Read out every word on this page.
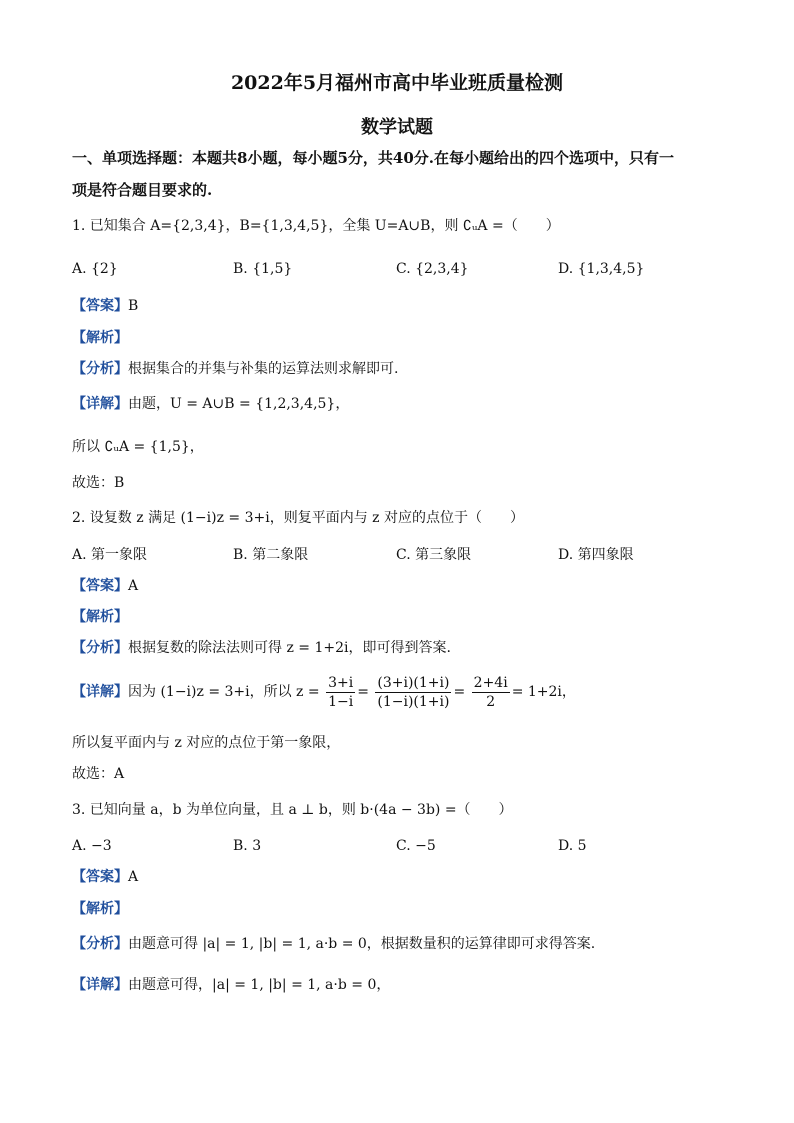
2022年5月福州市高中毕业班质量检测
数学试题
一、单项选择题：本题共8小题，每小题5分，共40分.在每小题给出的四个选项中，只有一
项是符合题目要求的.
1. 已知集合 A={2,3,4}，B={1,3,4,5}，全集 U=A∪B，则 ∁ᵤA =（　　）
A. {2}	B. {1,5}	C. {2,3,4}	D. {1,3,4,5}
【答案】B
【解析】
【分析】根据集合的并集与补集的运算法则求解即可.
【详解】由题，U = A∪B = {1,2,3,4,5}，
所以 ∁ᵤA = {1,5}，
故选：B
2. 设复数 z 满足 (1−i)z = 3+i，则复平面内与 z 对应的点位于（　　）
A. 第一象限	B. 第二象限	C. 第三象限	D. 第四象限
【答案】A
【解析】
【分析】根据复数的除法法则可得 z = 1+2i，即可得到答案.
【详解】因为 (1−i)z = 3+i，所以 $z = \frac{3+i}{1-i} = \frac{(3+i)(1+i)}{(1-i)(1+i)} = \frac{2+4i}{2} = 1+2i$，
所以复平面内与 z 对应的点位于第一象限，
故选：A
3. 已知向量 a，b 为单位向量，且 a ⊥ b，则 b·(4a − 3b) =（　　）
A. −3	B. 3	C. −5	D. 5
【答案】A
【解析】
【分析】由题意可得 |a| = 1, |b| = 1, a·b = 0，根据数量积的运算律即可求得答案.
【详解】由题意可得，|a| = 1, |b| = 1, a·b = 0，
